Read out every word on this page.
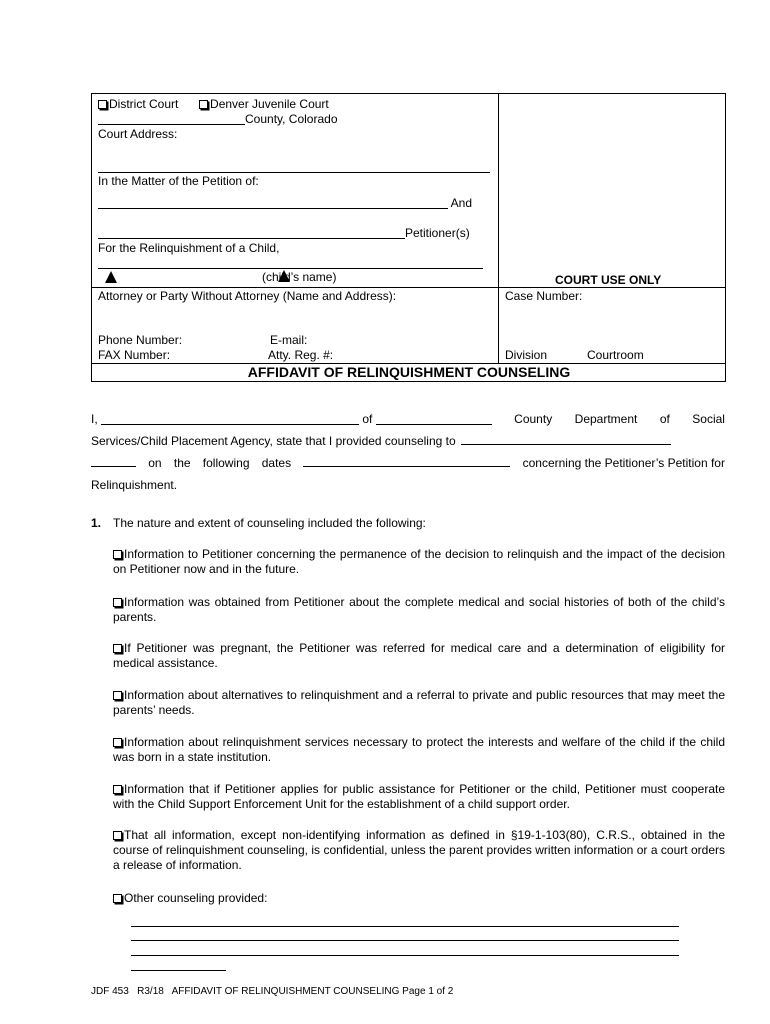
District Court	Denver Juvenile Court
County, Colorado
Court Address:
In the Matter of the Petition of:
And
Petitioner(s)
For the Relinquishment of a Child,
(child’s name)	COURT USE ONLY
Attorney or Party Without Attorney (Name and Address):	Case Number:
Phone Number:	E-mail:
FAX Number:	Atty. Reg. #:	Division	Courtroom
AFFIDAVIT OF RELINQUISHMENT COUNSELING
I,	of	County Department of Social
Services/Child Placement Agency, state that I provided counseling to
on the following dates	concerning the Petitioner’s Petition for
Relinquishment.
1. The nature and extent of counseling included the following:
Information to Petitioner concerning the permanence of the decision to relinquish and the impact of the decision on Petitioner now and in the future.
Information was obtained from Petitioner about the complete medical and social histories of both of the child’s parents.
If Petitioner was pregnant, the Petitioner was referred for medical care and a determination of eligibility for medical assistance.
Information about alternatives to relinquishment and a referral to private and public resources that may meet the parents’ needs.
Information about relinquishment services necessary to protect the interests and welfare of the child if the child was born in a state institution.
Information that if Petitioner applies for public assistance for Petitioner or the child, Petitioner must cooperate with the Child Support Enforcement Unit for the establishment of a child support order.
That all information, except non-identifying information as defined in §19-1-103(80), C.R.S., obtained in the course of relinquishment counseling, is confidential, unless the parent provides written information or a court orders a release of information.
Other counseling provided:
JDF 453   R3/18   AFFIDAVIT OF RELINQUISHMENT COUNSELING Page 1 of 2
